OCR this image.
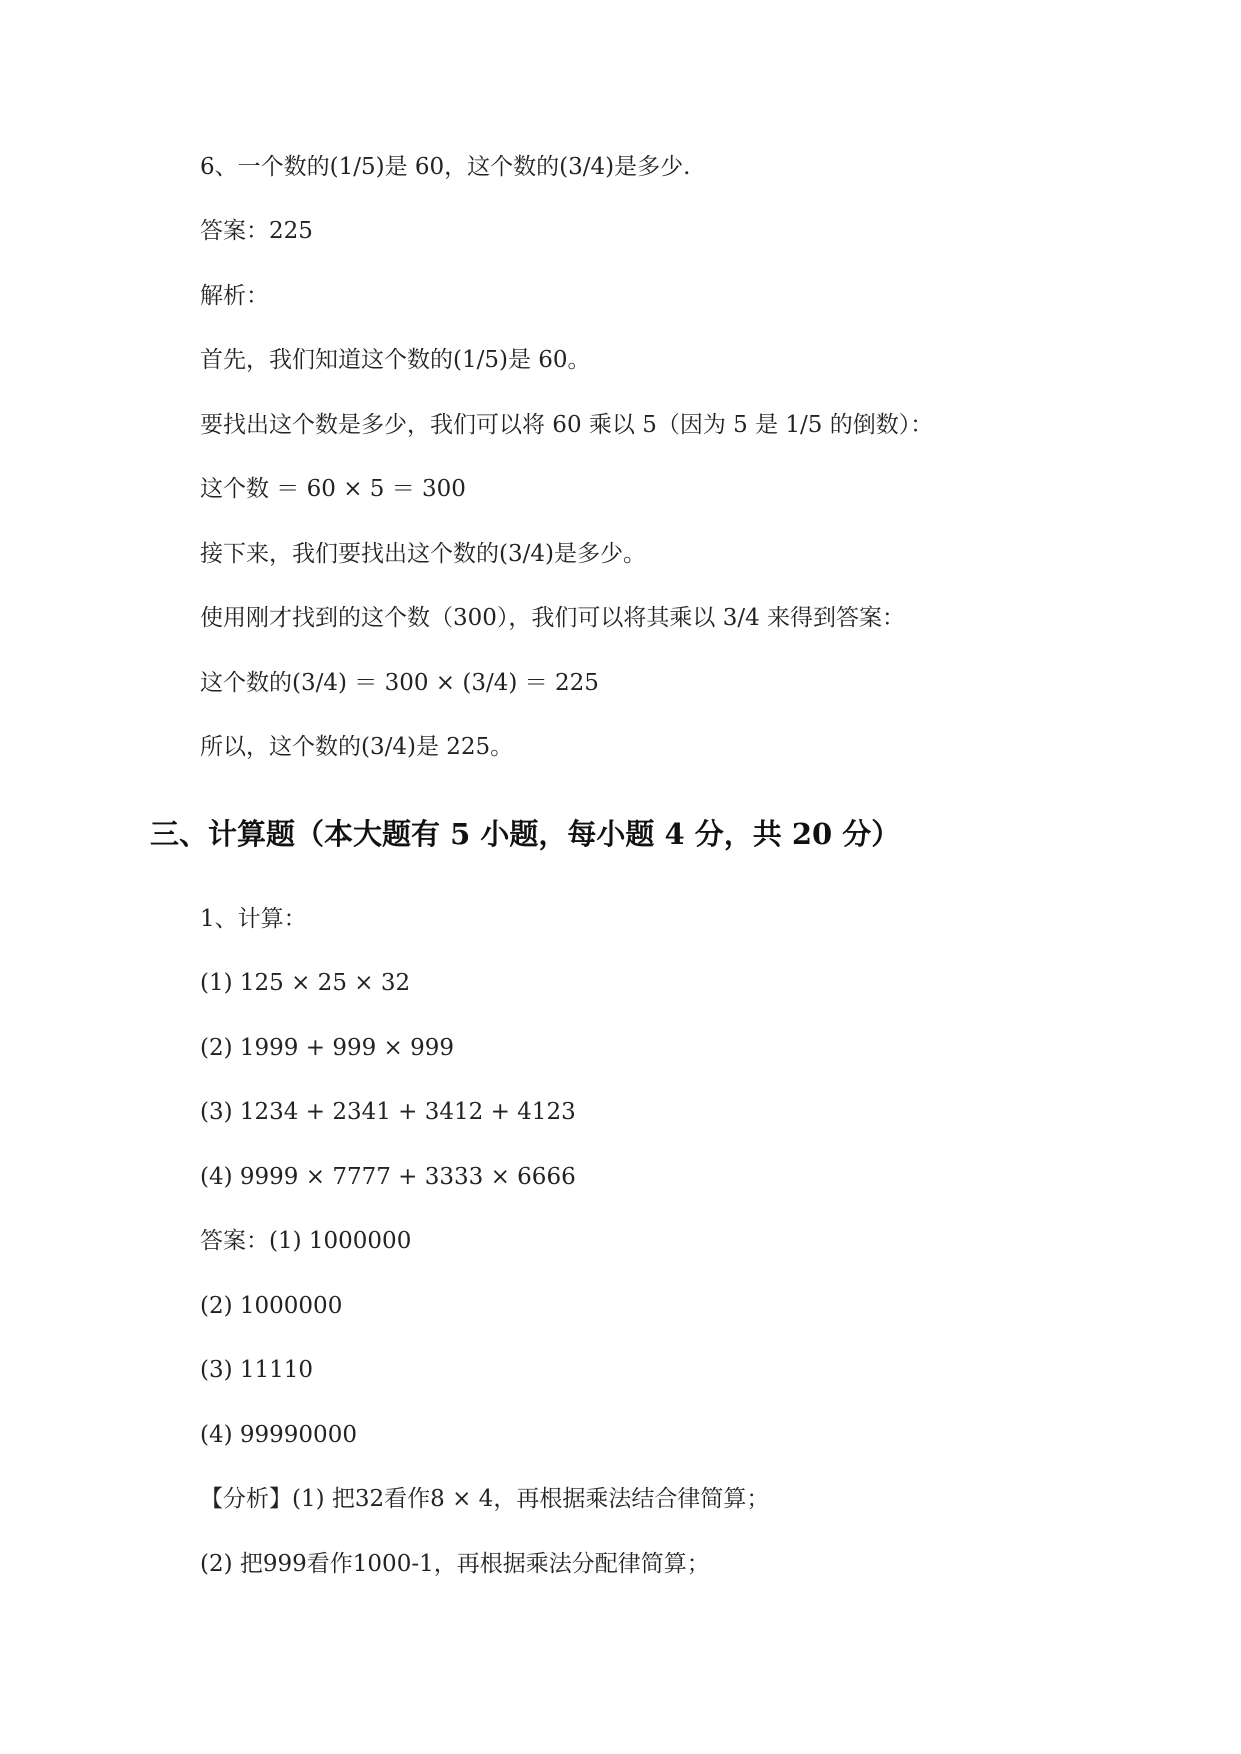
6、一个数的(1/5)是 60，这个数的(3/4)是多少.
答案：225
解析：
首先，我们知道这个数的(1/5)是 60。
要找出这个数是多少，我们可以将 60 乘以 5（因为 5 是 1/5 的倒数）：
这个数 ＝ 60 × 5 ＝ 300
接下来，我们要找出这个数的(3/4)是多少。
使用刚才找到的这个数（300），我们可以将其乘以 3/4 来得到答案：
这个数的(3/4) ＝ 300 × (3/4) ＝ 225
所以，这个数的(3/4)是 225。
三、计算题（本大题有 5 小题，每小题 4 分，共 20 分）
1、计算：
(1) 125 × 25 × 32
(2) 1999 + 999 × 999
(3) 1234 + 2341 + 3412 + 4123
(4) 9999 × 7777 + 3333 × 6666
答案：(1) 1000000
(2) 1000000
(3) 11110
(4) 99990000
【分析】(1) 把32看作8 × 4，再根据乘法结合律简算；
(2) 把999看作1000-1，再根据乘法分配律简算；
